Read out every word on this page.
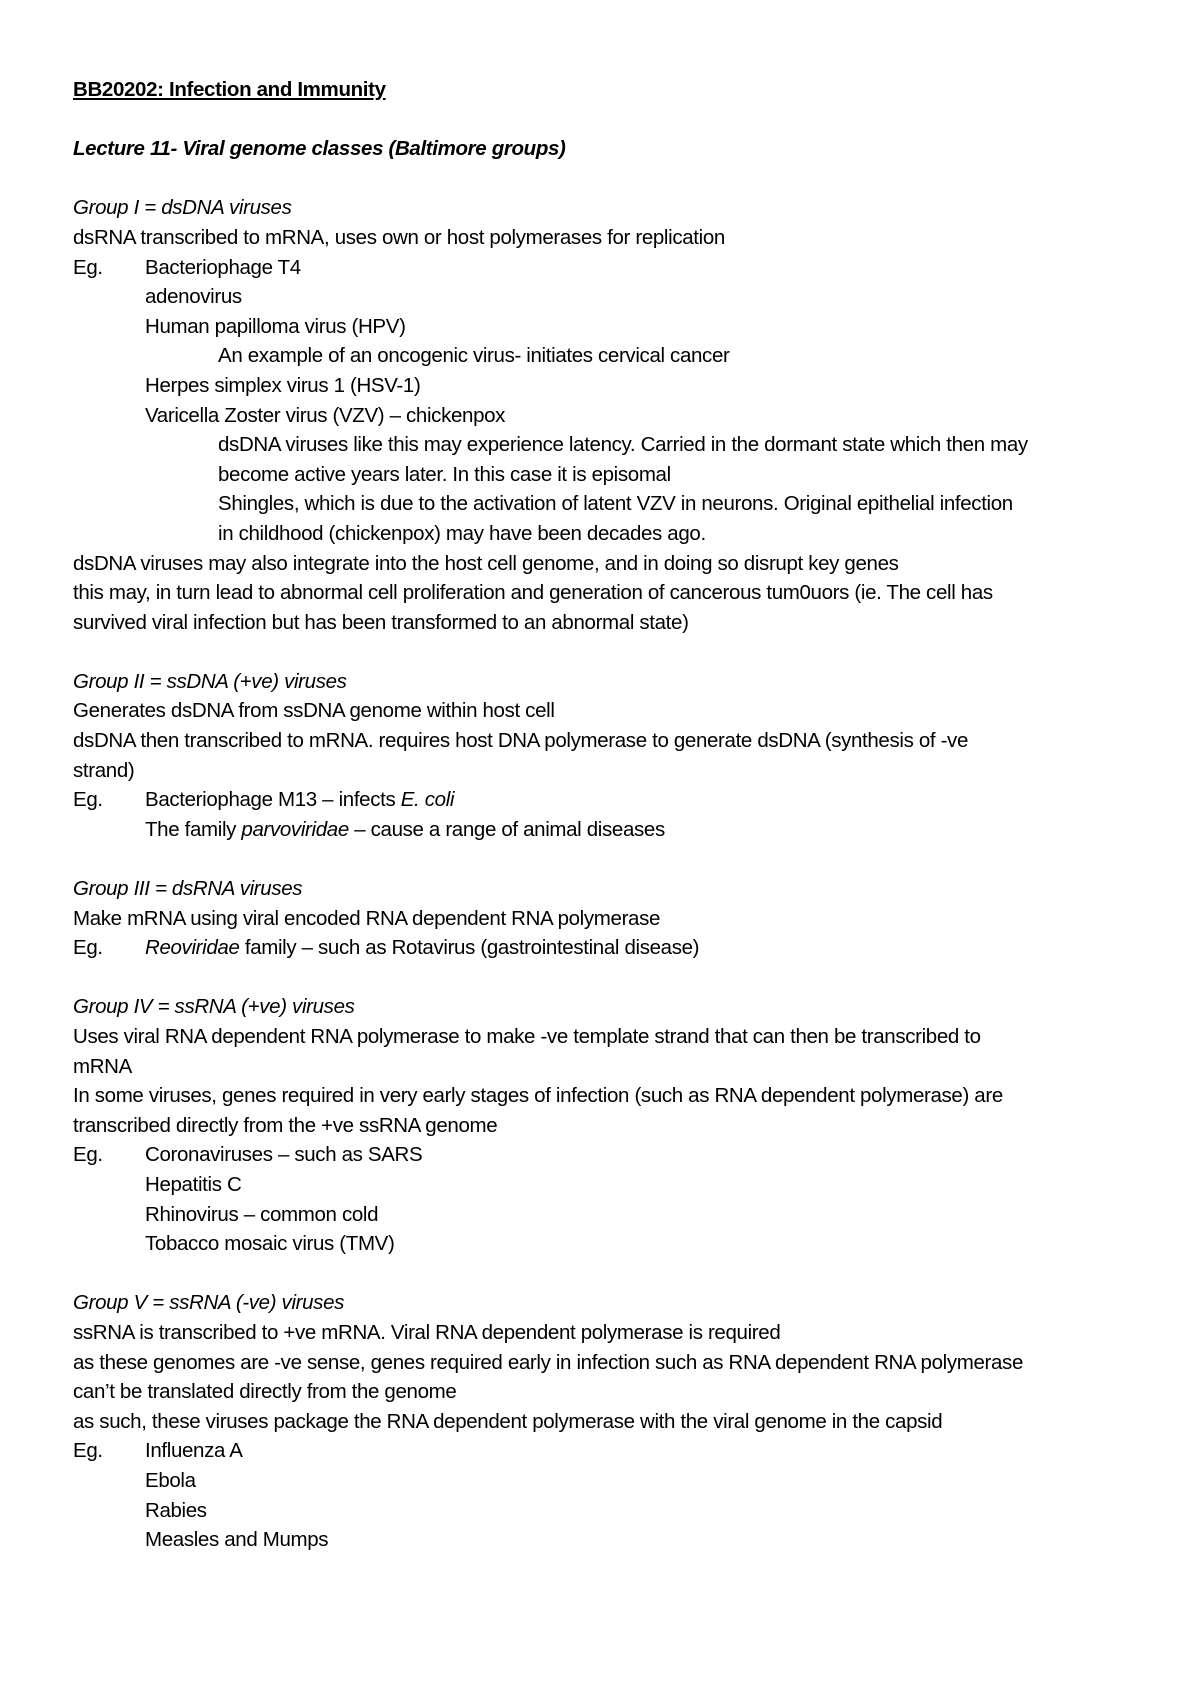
BB20202: Infection and Immunity
Lecture 11- Viral genome classes (Baltimore groups)
Group I = dsDNA viruses
dsRNA transcribed to mRNA, uses own or host polymerases for replication
Eg. Bacteriophage T4
adenovirus
Human papilloma virus (HPV)
An example of an oncogenic virus- initiates cervical cancer
Herpes simplex virus 1 (HSV-1)
Varicella Zoster virus (VZV) – chickenpox
dsDNA viruses like this may experience latency. Carried in the dormant state which then may
become active years later. In this case it is episomal
Shingles, which is due to the activation of latent VZV in neurons. Original epithelial infection
in childhood (chickenpox) may have been decades ago.
dsDNA viruses may also integrate into the host cell genome, and in doing so disrupt key genes
this may, in turn lead to abnormal cell proliferation and generation of cancerous tum0uors (ie. The cell has
survived viral infection but has been transformed to an abnormal state)
Group II = ssDNA (+ve) viruses
Generates dsDNA from ssDNA genome within host cell
dsDNA then transcribed to mRNA. requires host DNA polymerase to generate dsDNA (synthesis of -ve
strand)
Eg. Bacteriophage M13 – infects E. coli
The family parvoviridae – cause a range of animal diseases
Group III = dsRNA viruses
Make mRNA using viral encoded RNA dependent RNA polymerase
Eg. Reoviridae family – such as Rotavirus (gastrointestinal disease)
Group IV = ssRNA (+ve) viruses
Uses viral RNA dependent RNA polymerase to make -ve template strand that can then be transcribed to
mRNA
In some viruses, genes required in very early stages of infection (such as RNA dependent polymerase) are
transcribed directly from the +ve ssRNA genome
Eg. Coronaviruses – such as SARS
Hepatitis C
Rhinovirus – common cold
Tobacco mosaic virus (TMV)
Group V = ssRNA (-ve) viruses
ssRNA is transcribed to +ve mRNA. Viral RNA dependent polymerase is required
as these genomes are -ve sense, genes required early in infection such as RNA dependent RNA polymerase
can’t be translated directly from the genome
as such, these viruses package the RNA dependent polymerase with the viral genome in the capsid
Eg. Influenza A
Ebola
Rabies
Measles and Mumps
